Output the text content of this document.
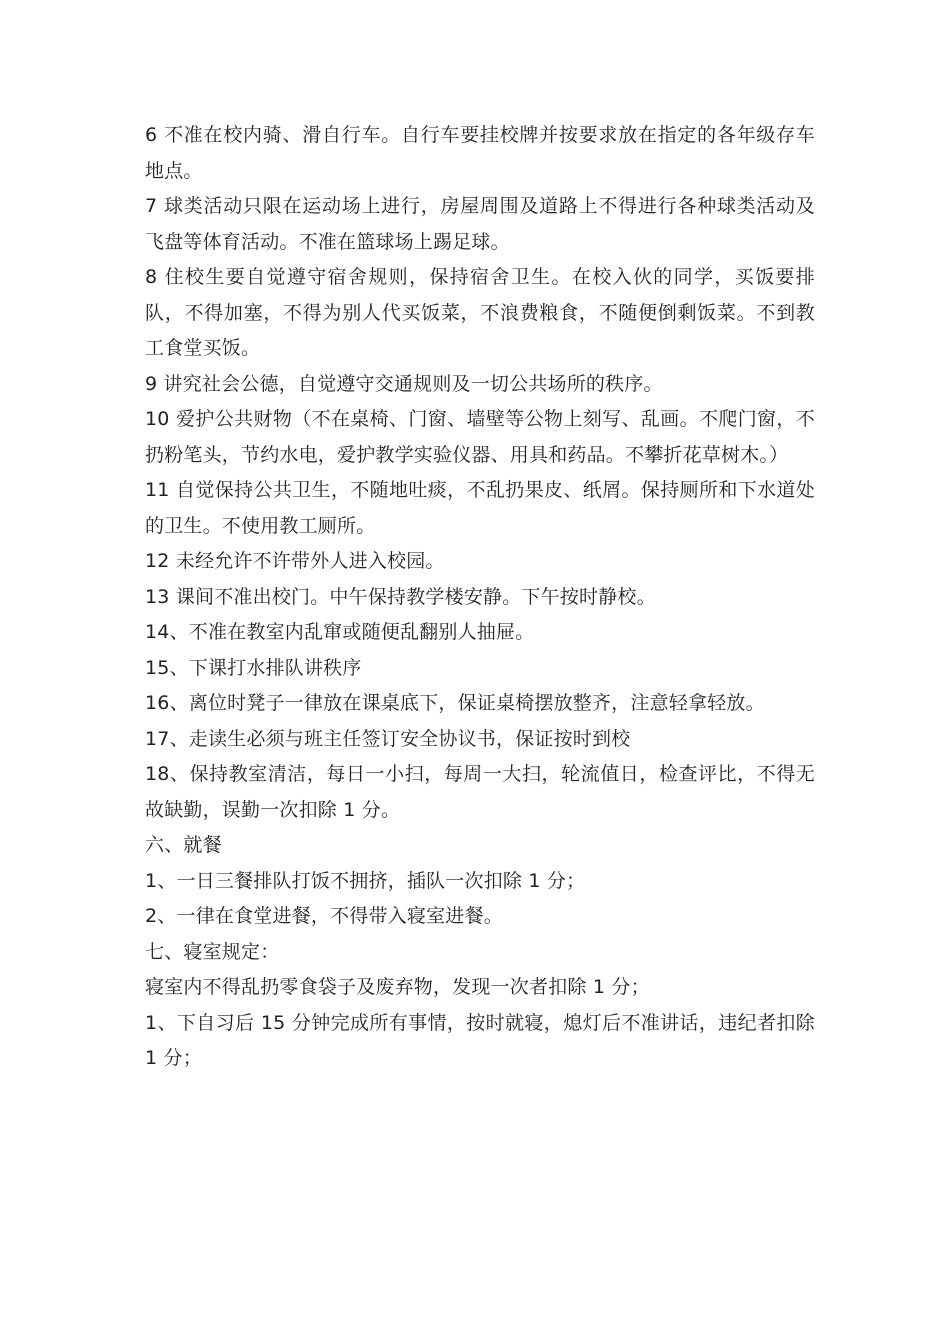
6 不准在校内骑、滑自行车。自行车要挂校牌并按要求放在指定的各年级存车地点。

7 球类活动只限在运动场上进行，房屋周围及道路上不得进行各种球类活动及飞盘等体育活动。不准在篮球场上踢足球。

8 住校生要自觉遵守宿舍规则，保持宿舍卫生。在校入伙的同学，买饭要排队，不得加塞，不得为别人代买饭菜，不浪费粮食，不随便倒剩饭菜。不到教工食堂买饭。

9 讲究社会公德，自觉遵守交通规则及一切公共场所的秩序。

10 爱护公共财物（不在桌椅、门窗、墙壁等公物上刻写、乱画。不爬门窗，不扔粉笔头，节约水电，爱护教学实验仪器、用具和药品。不攀折花草树木。）

11 自觉保持公共卫生，不随地吐痰，不乱扔果皮、纸屑。保持厕所和下水道处的卫生。不使用教工厕所。

12 未经允许不许带外人进入校园。

13 课间不准出校门。中午保持教学楼安静。下午按时静校。

14、不准在教室内乱窜或随便乱翻别人抽屉。

15、下课打水排队讲秩序

16、离位时凳子一律放在课桌底下，保证桌椅摆放整齐，注意轻拿轻放。

17、走读生必须与班主任签订安全协议书，保证按时到校

18、保持教室清洁，每日一小扫，每周一大扫，轮流值日，检查评比，不得无故缺勤，误勤一次扣除 1 分。

六、就餐

1、一日三餐排队打饭不拥挤，插队一次扣除 1 分；

2、一律在食堂进餐，不得带入寝室进餐。

七、寝室规定：

寝室内不得乱扔零食袋子及废弃物，发现一次者扣除 1 分；

1、下自习后 15 分钟完成所有事情，按时就寝，熄灯后不准讲话，违纪者扣除 1 分；
